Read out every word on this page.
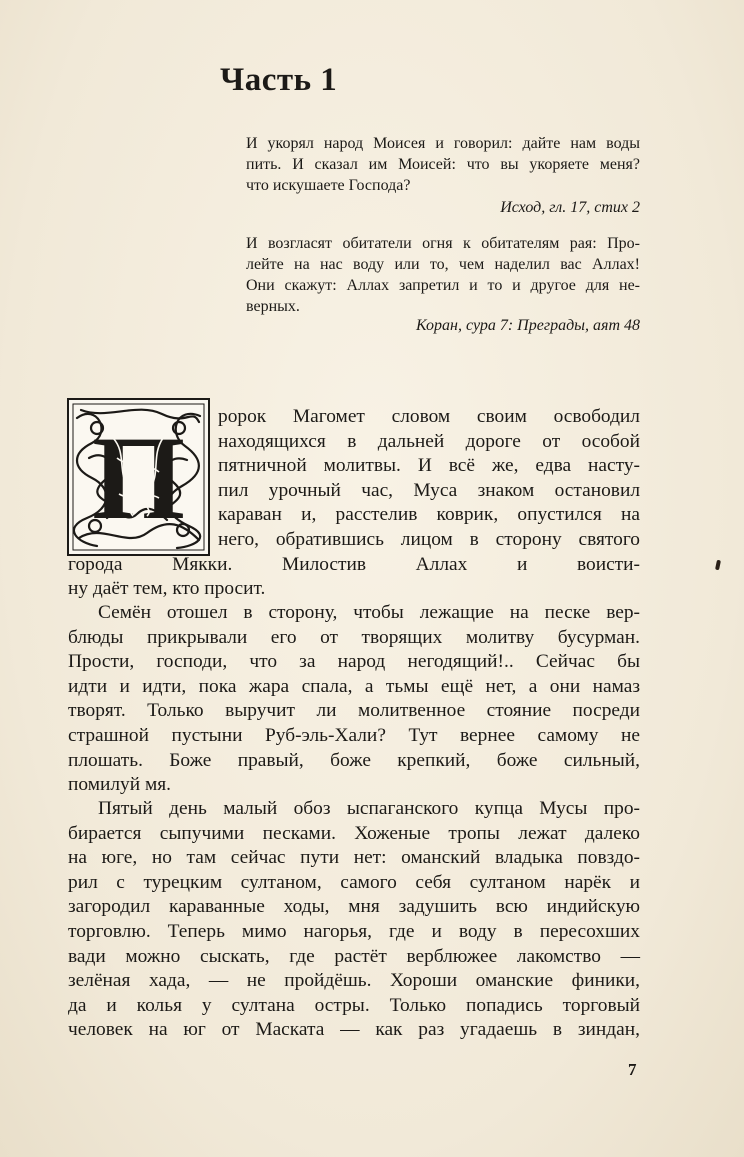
Часть 1
И укорял народ Моисея и говорил: дайте нам воды
пить. И сказал им Моисей: что вы укоряете меня?
что искушаете Господа?
Исход, гл. 17, стих 2
И возгласят обитатели огня к обитателям рая: Про-
лейте на нас воду или то, чем наделил вас Аллах!
Они скажут: Аллах запретил и то и другое для не-
верных.
Коран, сура 7: Преграды, аят 48
П ророк Магомет словом своим освободил
находящихся в дальней дороге от особой
пятничной молитвы. И всё же, едва насту-
пил урочный час, Муса знаком остановил
караван и, расстелив коврик, опустился на
него, обратившись лицом в сторону святого
города Мякки. Милостив Аллах и воисти-
ну даёт тем, кто просит.
Семён отошел в сторону, чтобы лежащие на песке вер-
блюды прикрывали его от творящих молитву бусурман.
Прости, господи, что за народ негодящий!.. Сейчас бы
идти и идти, пока жара спала, а тьмы ещё нет, а они намаз
творят. Только выручит ли молитвенное стояние посреди
страшной пустыни Руб-эль-Хали? Тут вернее самому не
плошать. Боже правый, боже крепкий, боже сильный,
помилуй мя.
Пятый день малый обоз ыспаганского купца Мусы про-
бирается сыпучими песками. Хоженые тропы лежат далеко
на юге, но там сейчас пути нет: оманский владыка повздо-
рил с турецким султаном, самого себя султаном нарёк и
загородил караванные ходы, мня задушить всю индийскую
торговлю. Теперь мимо нагорья, где и воду в пересохших
вади можно сыскать, где растёт верблюжее лакомство —
зелёная хада, — не пройдёшь. Хороши оманские финики,
да и колья у султана остры. Только попадись торговый
человек на юг от Маската — как раз угадаешь в зиндан,
7
